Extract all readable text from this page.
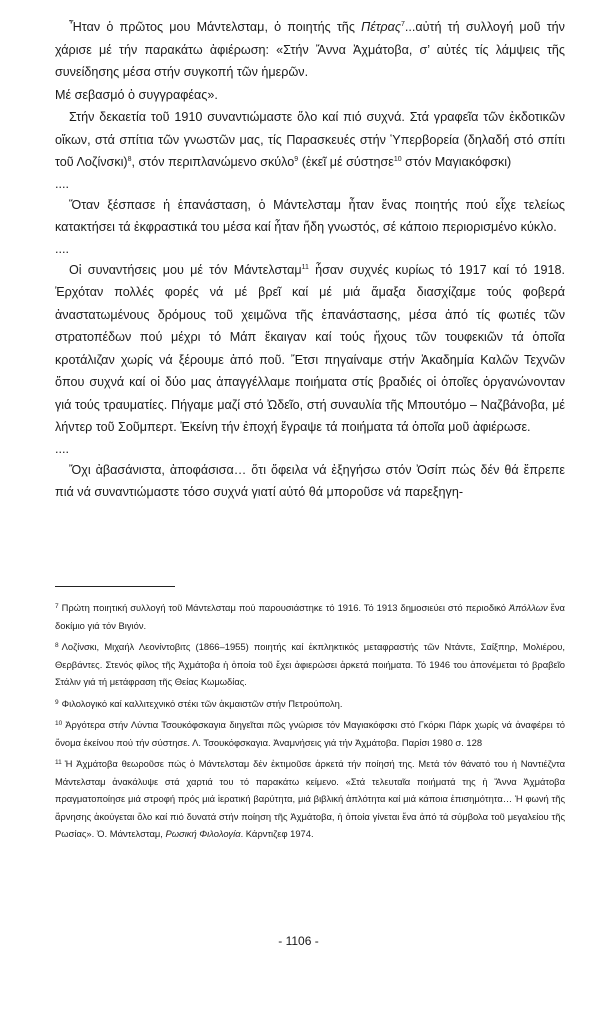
Ἦταν ὁ πρῶτος μου Μάντελσταμ, ὁ ποιητής τῆς Πέτρας$^7$...αὐτή τή συλλογή μοῦ τήν χάρισε μέ τήν παρακάτω ἀφιέρωση: «Στήν Ἄννα Ἀχμάτοβα, σ’ αὐτές τίς λάμψεις τῆς συνείδησης μέσα στήν συγκοπή τῶν ἡμερῶν.

Μέ σεβασμό ὁ συγγραφέας».

Στήν δεκαετία τοῦ 1910 συναντιώμαστε ὅλο καί πιό συχνά. Στά γραφεῖα τῶν ἐκδοτικῶν οἴκων, στά σπίτια τῶν γνωστῶν μας, τίς Παρασκευές στήν Ὑπερβορεία (δηλαδή στό σπίτι τοῦ Λοζίνσκι)$^8$, στόν περιπλανώμενο σκύλο$^9$ (ἐκεῖ μέ σύστησε$^{10}$ στόν Μαγιακόφσκι)

....

Ὅταν ξέσπασε ἡ ἐπανάσταση, ὁ Μάντελσταμ ἦταν ἕνας ποιητής πού εἶχε τελείως κατακτήσει τά ἐκφραστικά του μέσα καί ἦταν ἤδη γνωστός, σέ κάποιο περιορισμένο κύκλο.

....

Οἱ συναντήσεις μου μέ τόν Μάντελσταμ$^{11}$ ἦσαν συχνές κυρίως τό 1917 καί τό 1918. Ἐρχόταν πολλές φορές νά μέ βρεῖ καί μέ μιά ἅμαξα διασχίζαμε τούς φοβερά ἀναστατωμένους δρόμους τοῦ χειμῶνα τῆς ἐπανάστασης, μέσα ἀπό τίς φωτιές τῶν στρατοπέδων πού μέχρι τό Μάπ ἔκαιγαν καί τούς ἤχους τῶν τουφεκιῶν τά ὁποῖα κροτάλιζαν χωρίς νά ξέρουμε ἀπό ποῦ. Ἔτσι πηγαίναμε στήν Ἀκαδημία Καλῶν Τεχνῶν ὅπου συχνά καί οἱ δύο μας ἀπαγγέλλαμε ποιήματα στίς βραδιές οἱ ὁποῖες ὀργανώνονταν γιά τούς τραυματίες. Πήγαμε μαζί στό Ὠδεῖο, στή συναυλία τῆς Μπουτόμο – Ναζβάνοβα, μέ λήντερ τοῦ Σοῦμπερτ. Ἐκείνη τήν ἐποχή ἔγραψε τά ποιήματα τά ὁποῖα μοῦ ἀφιέρωσε.

....

Ὄχι ἀβασάνιστα, ἀποφάσισα… ὅτι ὄφειλα νά ἐξηγήσω στόν Ὀσίπ πώς δέν θά ἔπρεπε πιά νά συναντιώμαστε τόσο συχνά γιατί αὐτό θά μποροῦσε νά παρεξηγη-

$^7$ Πρώτη ποιητική συλλογή τοῦ Μάντελσταμ πού παρουσιάστηκε τό 1916. Τό 1913 δημοσιεύει στό περιοδικό Ἀπόλλων ἕνα δοκίμιο γιά τόν Βιγιόν.

$^8$ Λοζίνσκι, Μιχαήλ Λεονίντοβιτς (1866–1955) ποιητής καί ἐκπληκτικός μεταφραστής τῶν Ντάντε, Σαίξπηρ, Μολιέρου, Θερβάντες. Στενός φίλος τῆς Ἀχμάτοβα ἡ ὁποία τοῦ ἔχει ἀφιερώσει ἀρκετά ποιήματα. Τό 1946 του ἀπονέμεται τό βραβεῖο Στάλιν γιά τή μετάφραση τῆς Θείας Κωμωδίας.

$^9$ Φιλολογικό καί καλλιτεχνικό στέκι τῶν ἀκμαιστῶν στήν Πετρούπολη.

$^{10}$ Ἀργότερα στήν Λύντια Τσουκόφσκαγια διηγεῖται πῶς γνώρισε τόν Μαγιακόφσκι στό Γκόρκι Πάρκ χωρίς νά ἀναφέρει τό ὄνομα ἐκείνου πού τήν σύστησε. Λ. Τσουκόφσκαγια. Ἀναμνήσεις γιά τήν Ἀχμάτοβα. Παρίσι 1980 σ. 128

$^{11}$ Ἡ Ἀχμάτοβα θεωροῦσε πώς ὁ Μάντελσταμ δέν ἐκτιμοῦσε ἀρκετά τήν ποίησή της. Μετά τόν θάνατό του ἡ Ναντιέζντα Μάντελσταμ ἀνακάλυψε στά χαρτιά του τό παρακάτω κείμενο. «Στά τελευταῖα ποιήματά της ἡ Ἄννα Ἀχμάτοβα πραγματοποίησε μιά στροφή πρός μιά ἱερατική βαρύτητα, μιά βιβλική ἁπλότητα καί μιά κάποια ἐπισημότητα… Ἡ φωνή τῆς ἄρνησης ἀκούγεται ὅλο καί πιό δυνατά στήν ποίηση τῆς Ἀχμάτοβα, ἡ ὁποία γίνεται ἕνα ἀπό τά σύμβολα τοῦ μεγαλείου τῆς Ρωσίας». Ὀ. Μάντελσταμ, Ρωσική Φιλολογία. Κάρντιζεφ 1974.

- 1106 -
